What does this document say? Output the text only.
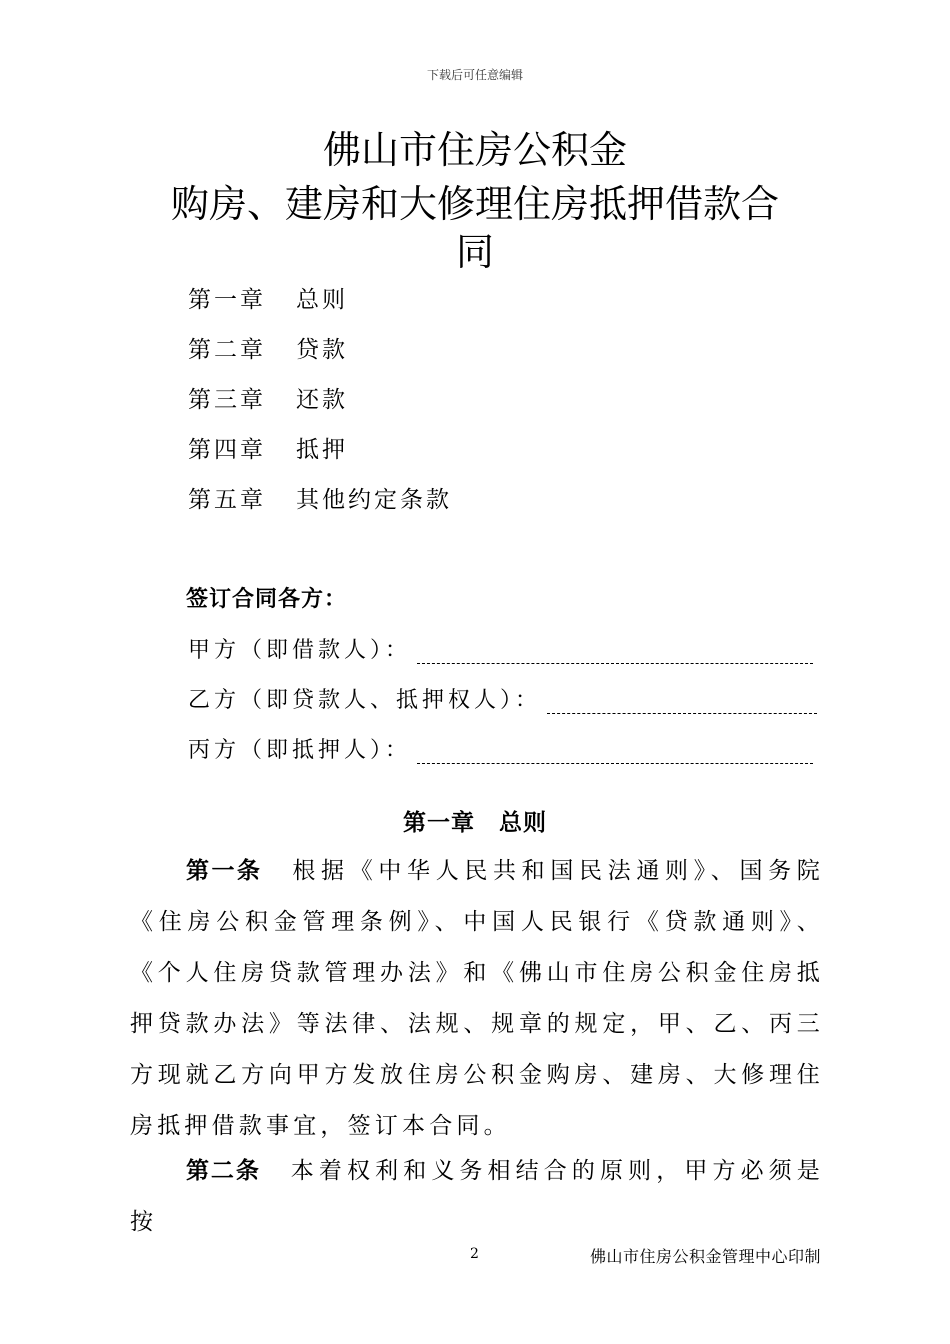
下载后可任意编辑
佛山市住房公积金
购房、建房和大修理住房抵押借款合
同
第一章 总则
第二章 贷款
第三章 还款
第四章 抵押
第五章 其他约定条款
签订合同各方：
甲方（即借款人）：
乙方（即贷款人、抵押权人）：
丙方（即抵押人）：
第一章　总则
第一条 根据《中华人民共和国民法通则》、国务院《住房公积金管理条例》、中国人民银行《贷款通则》、《个人住房贷款管理办法》和《佛山市住房公积金住房抵押贷款办法》等法律、法规、规章的规定，甲、乙、丙三方现就乙方向甲方发放住房公积金购房、建房、大修理住房抵押借款事宜，签订本合同。
第二条 本着权利和义务相结合的原则，甲方必须是按
2	佛山市住房公积金管理中心印制
